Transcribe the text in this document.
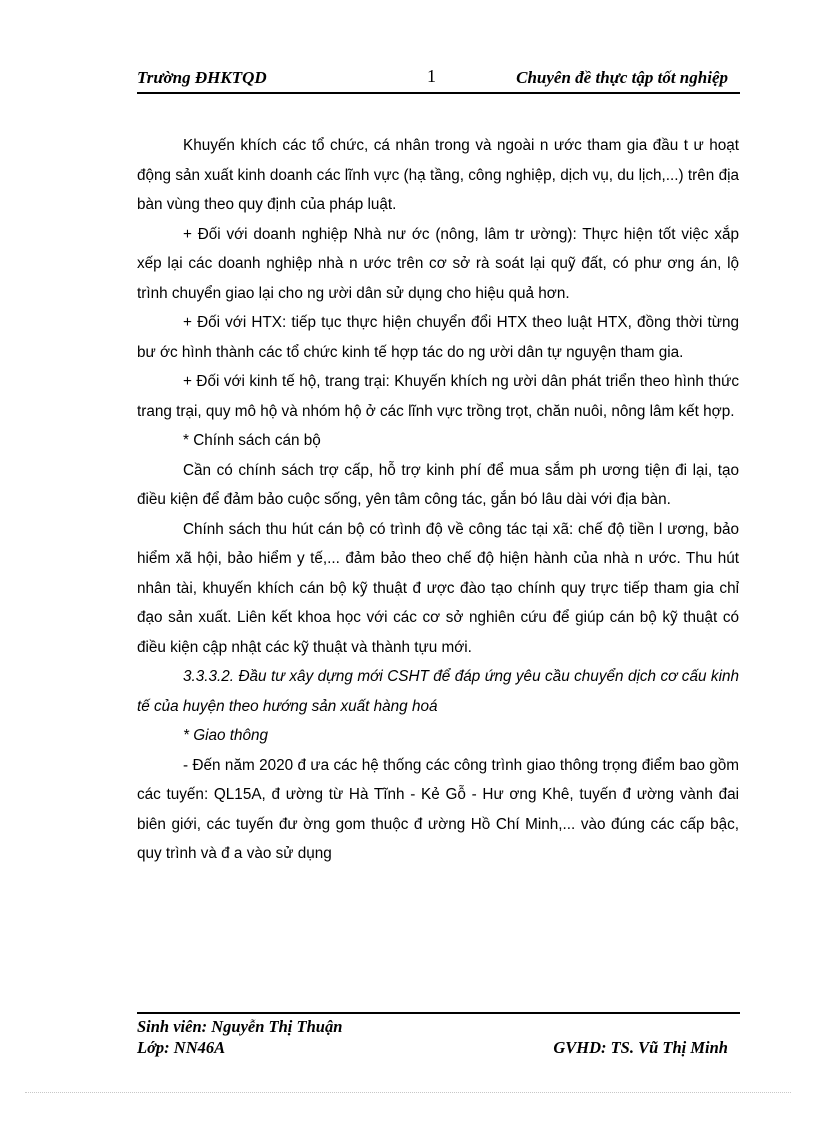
Trường ĐHKTQD	1	Chuyên đề thực tập tốt nghiệp

Khuyến khích các tổ chức, cá nhân trong và ngoài n ước tham gia đầu t ư hoạt động sản xuất kinh doanh các lĩnh vực (hạ tầng, công nghiệp, dịch vụ, du lịch,...) trên địa bàn vùng theo quy định của pháp luật.

+ Đối với doanh nghiệp Nhà nư ớc (nông, lâm tr ường): Thực hiện tốt việc xắp xếp lại các doanh nghiệp nhà n ước trên cơ sở rà soát lại quỹ đất, có phư ơng án, lộ trình chuyển giao lại cho ng ười dân sử dụng cho hiệu quả hơn.

+ Đối với HTX: tiếp tục thực hiện chuyển đổi HTX theo luật HTX, đồng thời từng bư ớc hình thành các tổ chức kinh tế hợp tác do ng ười dân tự nguyện tham gia.

+ Đối với kinh tế hộ, trang trại: Khuyến khích ng ười dân phát triển theo hình thức trang trại, quy mô hộ và nhóm hộ ở các lĩnh vực trồng trọt, chăn nuôi, nông lâm kết hợp.

* Chính sách cán bộ

Cần có chính sách trợ cấp, hỗ trợ kinh phí để mua sắm ph ương tiện đi lại, tạo điều kiện để đảm bảo cuộc sống, yên tâm công tác, gắn bó lâu dài với địa bàn.

Chính sách thu hút cán bộ có trình độ về công tác tại xã: chế độ tiền l ương, bảo hiểm xã hội, bảo hiểm y tế,... đảm bảo theo chế độ hiện hành của nhà n ước. Thu hút nhân tài, khuyến khích cán bộ kỹ thuật đ ược đào tạo chính quy trực tiếp tham gia chỉ đạo sản xuất. Liên kết khoa học với các cơ sở nghiên cứu để giúp cán bộ kỹ thuật có điều kiện cập nhật các kỹ thuật và thành tựu mới.

3.3.3.2. Đầu tư xây dựng mới CSHT để đáp ứng yêu cầu chuyển dịch cơ cấu kinh tế của huyện theo hướng sản xuất hàng hoá

* Giao thông

- Đến năm 2020 đ ưa các hệ thống các công trình giao thông trọng điểm bao gồm các tuyến: QL15A, đ ường từ Hà Tĩnh - Kẻ Gỗ - Hư ơng Khê, tuyến đ ường vành đai biên giới, các tuyến đư ờng gom thuộc đ ường Hồ Chí Minh,... vào đúng các cấp bậc, quy trình và đ a vào sử dụng

Sinh viên: Nguyễn Thị Thuận
Lớp: NN46A	GVHD: TS. Vũ Thị Minh
